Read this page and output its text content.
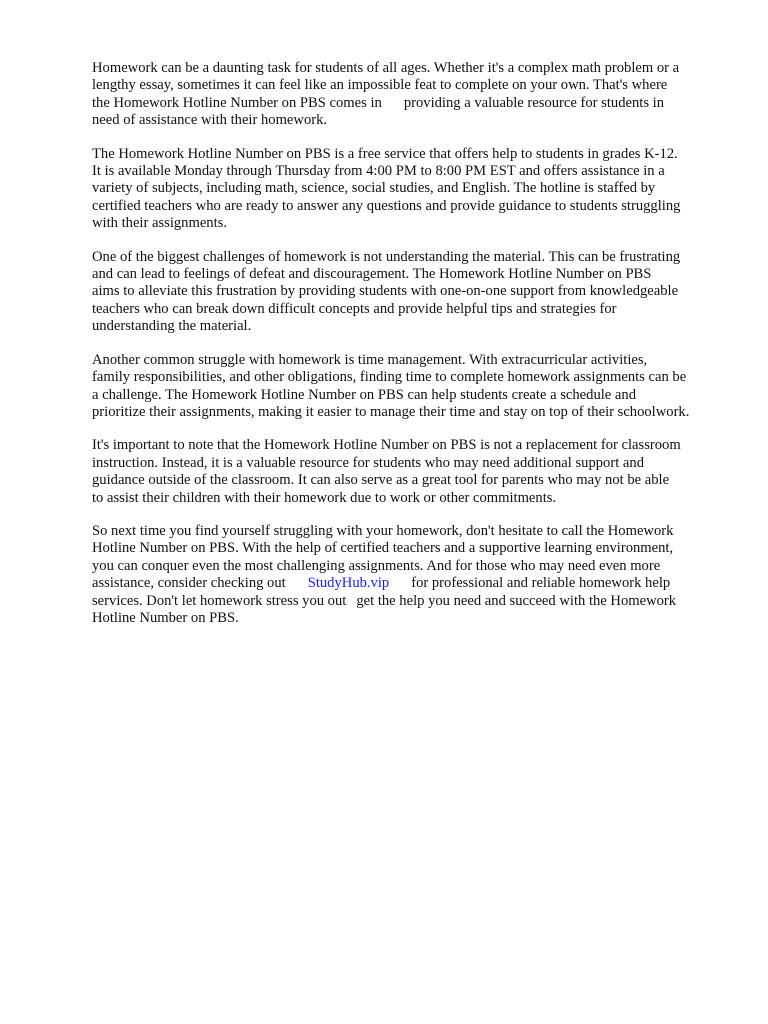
Homework can be a daunting task for students of all ages. Whether it's a complex math problem or a
lengthy essay, sometimes it can feel like an impossible feat to complete on your own. That's where
the Homework Hotline Number on PBS comes in providing a valuable resource for students in
need of assistance with their homework.

The Homework Hotline Number on PBS is a free service that offers help to students in grades K-12.
It is available Monday through Thursday from 4:00 PM to 8:00 PM EST and offers assistance in a
variety of subjects, including math, science, social studies, and English. The hotline is staffed by
certified teachers who are ready to answer any questions and provide guidance to students struggling
with their assignments.

One of the biggest challenges of homework is not understanding the material. This can be frustrating
and can lead to feelings of defeat and discouragement. The Homework Hotline Number on PBS
aims to alleviate this frustration by providing students with one-on-one support from knowledgeable
teachers who can break down difficult concepts and provide helpful tips and strategies for
understanding the material.

Another common struggle with homework is time management. With extracurricular activities,
family responsibilities, and other obligations, finding time to complete homework assignments can be
a challenge. The Homework Hotline Number on PBS can help students create a schedule and
prioritize their assignments, making it easier to manage their time and stay on top of their schoolwork.

It's important to note that the Homework Hotline Number on PBS is not a replacement for classroom
instruction. Instead, it is a valuable resource for students who may need additional support and
guidance outside of the classroom. It can also serve as a great tool for parents who may not be able
to assist their children with their homework due to work or other commitments.

So next time you find yourself struggling with your homework, don't hesitate to call the Homework
Hotline Number on PBS. With the help of certified teachers and a supportive learning environment,
you can conquer even the most challenging assignments. And for those who may need even more
assistance, consider checking out StudyHub.vip for professional and reliable homework help
services. Don't let homework stress you out get the help you need and succeed with the Homework
Hotline Number on PBS.
